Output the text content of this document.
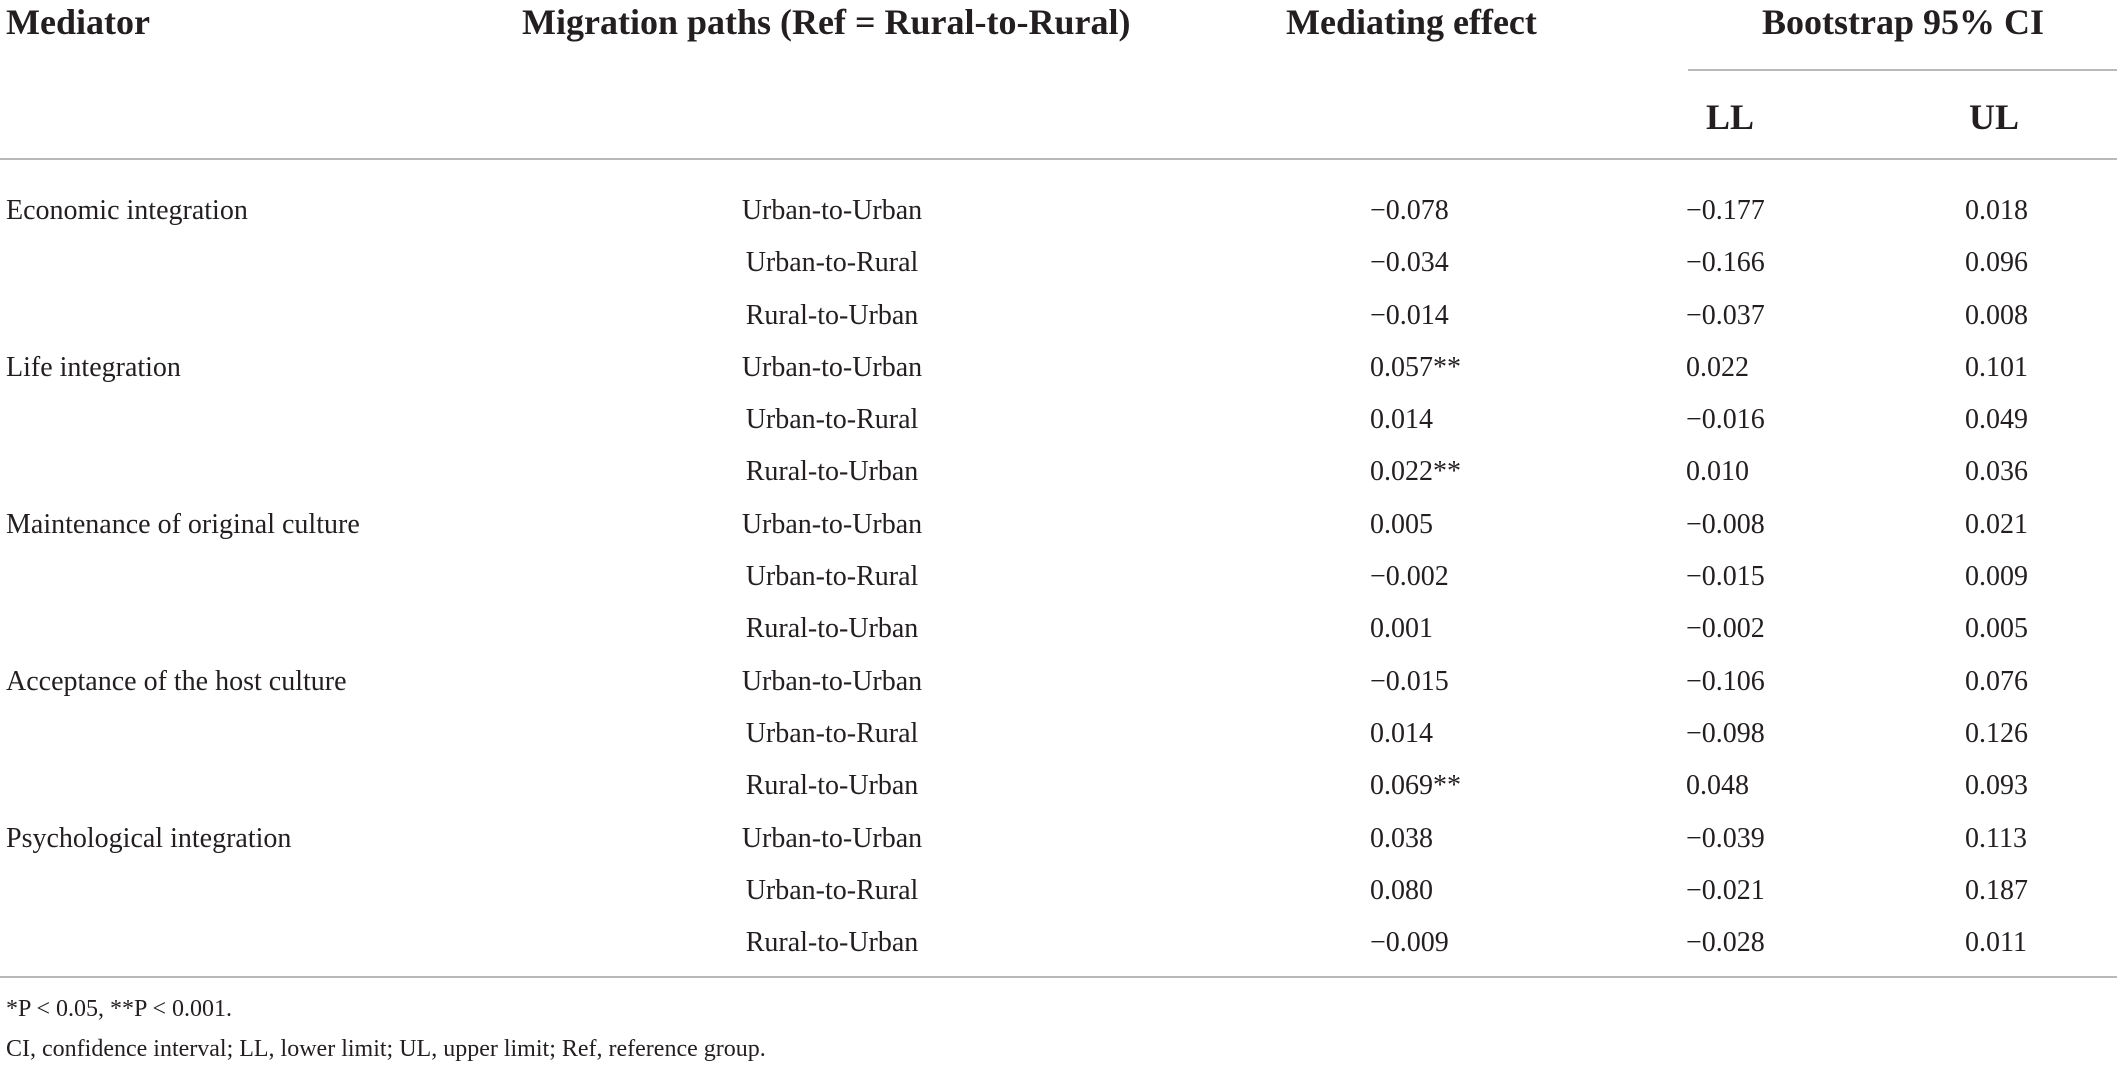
Mediator	Migration paths (Ref = Rural-to-Rural)	Mediating effect	Bootstrap 95% CI
LL	UL
Economic integration	Urban-to-Urban	−0.078	−0.177	0.018
Urban-to-Rural	−0.034	−0.166	0.096
Rural-to-Urban	−0.014	−0.037	0.008
Life integration	Urban-to-Urban	0.057**	0.022	0.101
Urban-to-Rural	0.014	−0.016	0.049
Rural-to-Urban	0.022**	0.010	0.036
Maintenance of original culture	Urban-to-Urban	0.005	−0.008	0.021
Urban-to-Rural	−0.002	−0.015	0.009
Rural-to-Urban	0.001	−0.002	0.005
Acceptance of the host culture	Urban-to-Urban	−0.015	−0.106	0.076
Urban-to-Rural	0.014	−0.098	0.126
Rural-to-Urban	0.069**	0.048	0.093
Psychological integration	Urban-to-Urban	0.038	−0.039	0.113
Urban-to-Rural	0.080	−0.021	0.187
Rural-to-Urban	−0.009	−0.028	0.011
*P < 0.05, **P < 0.001.
CI, confidence interval; LL, lower limit; UL, upper limit; Ref, reference group.
